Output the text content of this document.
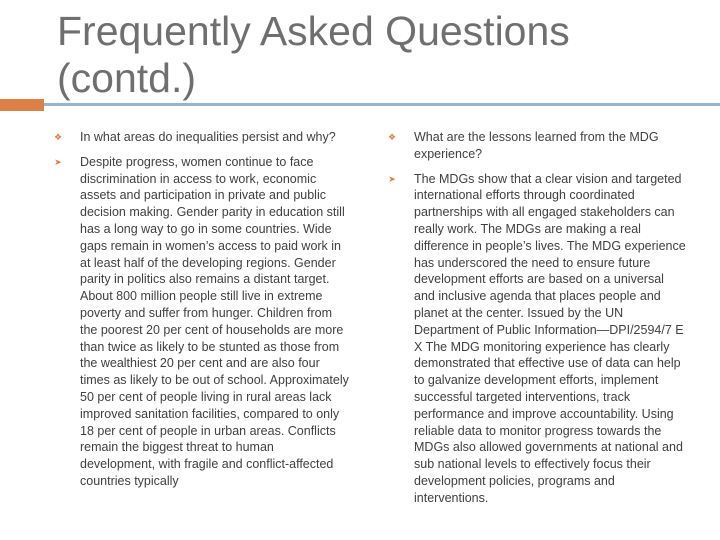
Frequently Asked Questions
(contd.)
❖ In what areas do inequalities persist and why?
➤ Despite progress, women continue to face discrimination in access to work, economic assets and participation in private and public decision making. Gender parity in education still has a long way to go in some countries. Wide gaps remain in women’s access to paid work in at least half of the developing regions. Gender parity in politics also remains a distant target. About 800 million people still live in extreme poverty and suffer from hunger. Children from the poorest 20 per cent of households are more than twice as likely to be stunted as those from the wealthiest 20 per cent and are also four times as likely to be out of school. Approximately 50 per cent of people living in rural areas lack improved sanitation facilities, compared to only 18 per cent of people in urban areas. Conflicts remain the biggest threat to human development, with fragile and conflict-affected countries typically
❖ What are the lessons learned from the MDG experience?
➤ The MDGs show that a clear vision and targeted international efforts through coordinated partnerships with all engaged stakeholders can really work. The MDGs are making a real difference in people’s lives. The MDG experience has underscored the need to ensure future development efforts are based on a universal and inclusive agenda that places people and planet at the center. Issued by the UN Department of Public Information—DPI/2594/7 E X The MDG monitoring experience has clearly demonstrated that effective use of data can help to galvanize development efforts, implement successful targeted interventions, track performance and improve accountability. Using reliable data to monitor progress towards the MDGs also allowed governments at national and sub national levels to effectively focus their development policies, programs and interventions.
